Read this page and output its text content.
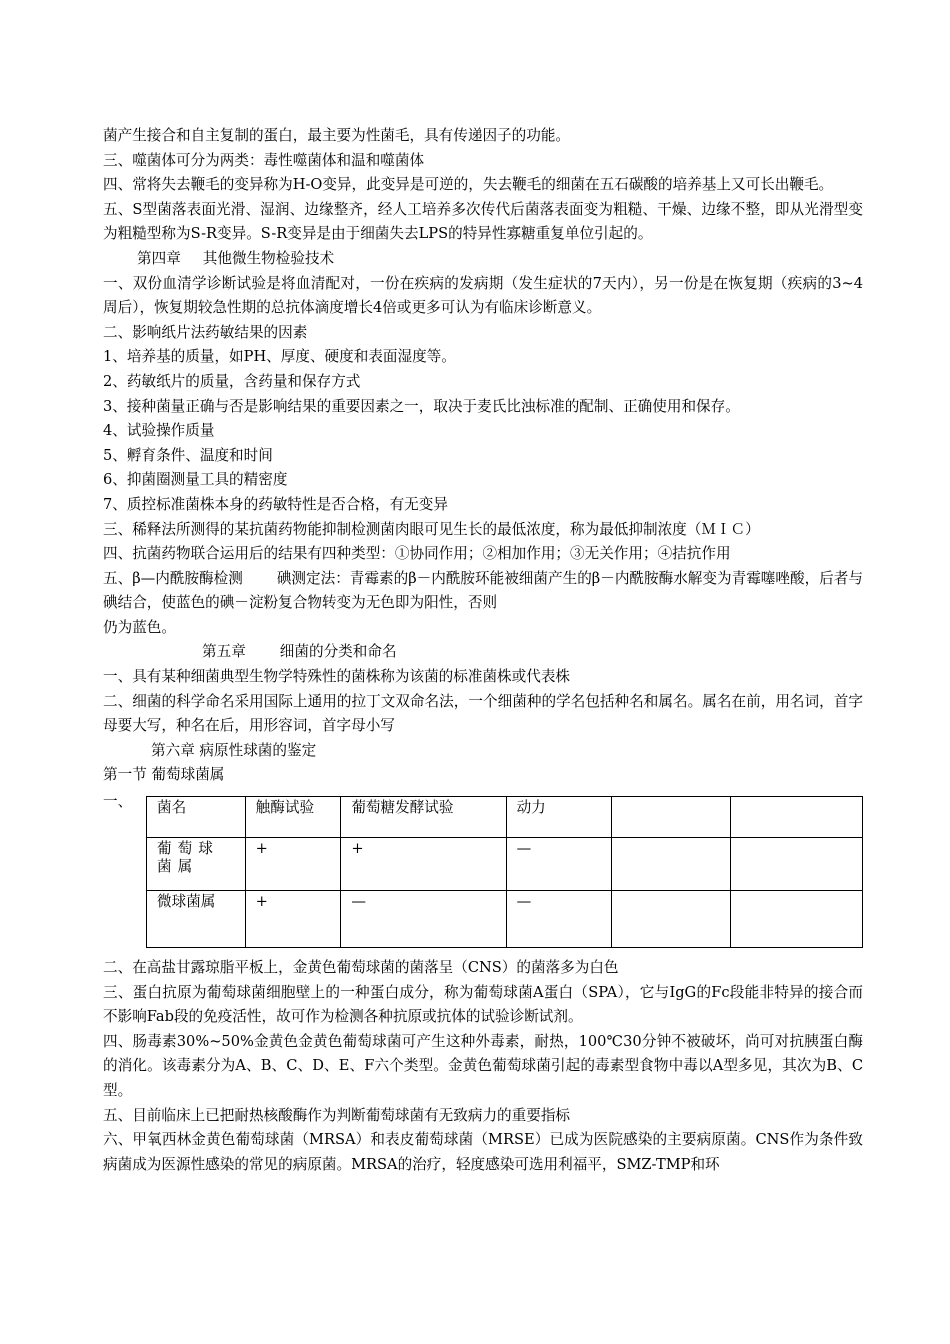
菌产生接合和自主复制的蛋白，最主要为性菌毛，具有传递因子的功能。

三、噬菌体可分为两类：毒性噬菌体和温和噬菌体

四、常将失去鞭毛的变异称为H-O变异，此变异是可逆的，失去鞭毛的细菌在五石碳酸的培养基上又可长出鞭毛。

五、S型菌落表面光滑、湿润、边缘整齐，经人工培养多次传代后菌落表面变为粗糙、干燥、边缘不整，即从光滑型变为粗糙型称为S-R变异。S-R变异是由于细菌失去LPS的特异性寡糖重复单位引起的。

第四章 其他微生物检验技术

一、双份血清学诊断试验是将血清配对，一份在疾病的发病期（发生症状的7天内），另一份是在恢复期（疾病的3~4周后），恢复期较急性期的总抗体滴度增长4倍或更多可认为有临床诊断意义。

二、影响纸片法药敏结果的因素

1、培养基的质量，如PH、厚度、硬度和表面湿度等。

2、药敏纸片的质量，含药量和保存方式

3、接种菌量正确与否是影响结果的重要因素之一，取决于麦氏比浊标准的配制、正确使用和保存。

4、试验操作质量

5、孵育条件、温度和时间

6、抑菌圈测量工具的精密度

7、质控标准菌株本身的药敏特性是否合格，有无变异

三、稀释法所测得的某抗菌药物能抑制检测菌肉眼可见生长的最低浓度，称为最低抑制浓度（ＭＩＣ）

四、抗菌药物联合运用后的结果有四种类型：①协同作用；②相加作用；③无关作用；④拮抗作用

五、β—内酰胺酶检测 碘测定法：青霉素的β－内酰胺环能被细菌产生的β－内酰胺酶水解变为青霉噻唑酸，后者与碘结合，使蓝色的碘－淀粉复合物转变为无色即为阳性，否则

仍为蓝色。

第五章 细菌的分类和命名

一、具有某种细菌典型生物学特殊性的菌株称为该菌的标准菌株或代表株

二、细菌的科学命名采用国际上通用的拉丁文双命名法，一个细菌种的学名包括种名和属名。属名在前，用名词，首字母要大写，种名在后，用形容词，首字母小写

第六章 病原性球菌的鉴定

第一节 葡萄球菌属

一、 菌名	触酶试验	葡萄糖发酵试验	动力		
葡萄球菌属	+	+	—		
微球菌属	+	—	—		

二、在高盐甘露琼脂平板上，金黄色葡萄球菌的菌落呈（CNS）的菌落多为白色

三、蛋白抗原为葡萄球菌细胞壁上的一种蛋白成分，称为葡萄球菌A蛋白（SPA），它与IgG的Fc段能非特异的接合而不影响Fab段的免疫活性，故可作为检测各种抗原或抗体的试验诊断试剂。

四、肠毒素30%~50%金黄色金黄色葡萄球菌可产生这种外毒素，耐热，100℃30分钟不被破坏，尚可对抗胰蛋白酶的消化。该毒素分为A、B、C、D、E、F六个类型。金黄色葡萄球菌引起的毒素型食物中毒以A型多见，其次为B、C型。

五、目前临床上已把耐热核酸酶作为判断葡萄球菌有无致病力的重要指标

六、甲氧西林金黄色葡萄球菌（MRSA）和表皮葡萄球菌（MRSE）已成为医院感染的主要病原菌。CNS作为条件致病菌成为医源性感染的常见的病原菌。MRSA的治疗，轻度感染可选用利福平，SMZ-TMP和环
